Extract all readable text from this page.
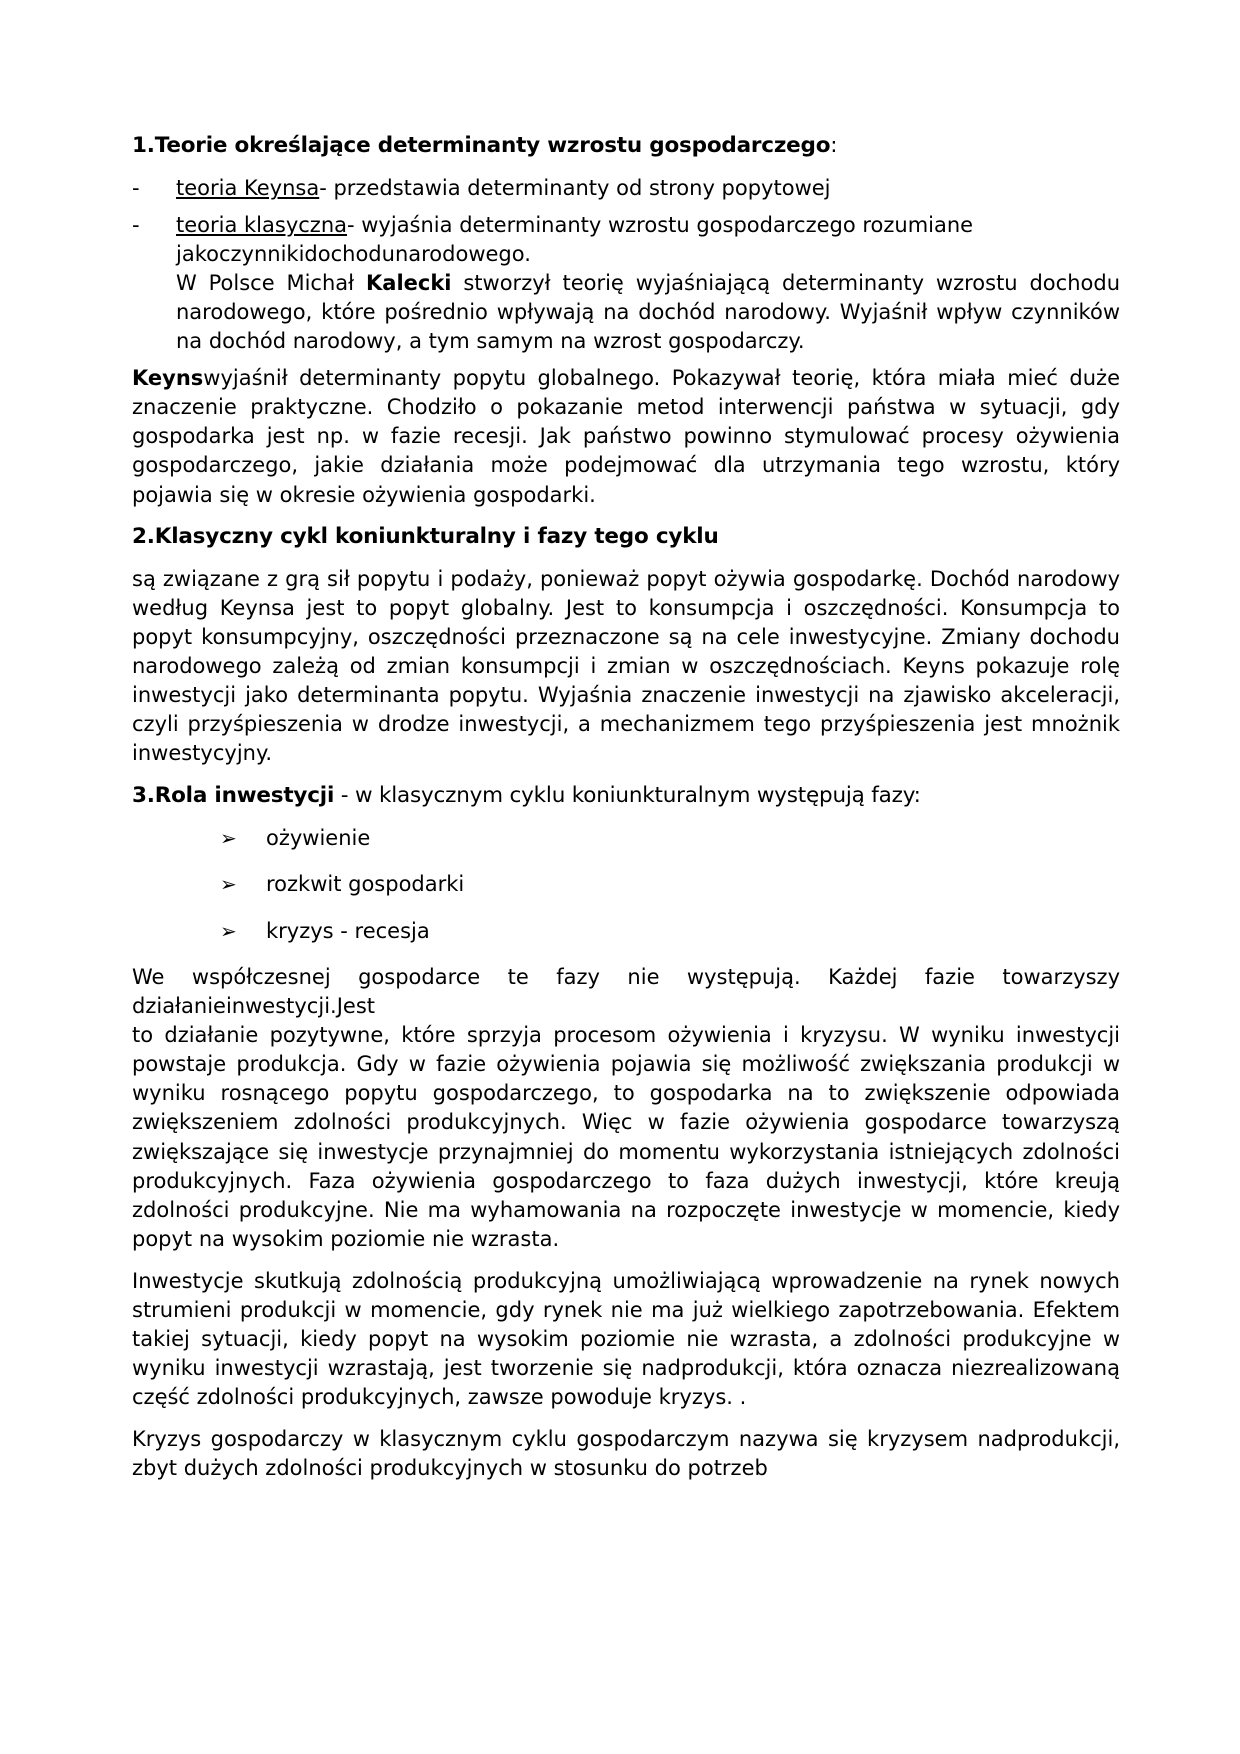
1.Teorie określające determinanty wzrostu gospodarczego:
-	teoria Keynsa- przedstawia determinanty od strony popytowej
-	teoria klasyczna- wyjaśnia determinanty wzrostu gospodarczego rozumiane
jakoczynnikidochodunarodowego.
W Polsce Michał Kalecki stworzył teorię wyjaśniającą determinanty wzrostu dochodu narodowego, które pośrednio wpływają na dochód narodowy. Wyjaśnił wpływ czynników na dochód narodowy, a tym samym na wzrost gospodarczy.

Keynswyjaśnił determinanty popytu globalnego. Pokazywał teorię, która miała mieć duże znaczenie praktyczne. Chodziło o pokazanie metod interwencji państwa w sytuacji, gdy gospodarka jest np. w fazie recesji. Jak państwo powinno stymulować procesy ożywienia gospodarczego, jakie działania może podejmować dla utrzymania tego wzrostu, który pojawia się w okresie ożywienia gospodarki.

2.Klasyczny cykl koniunkturalny i fazy tego cyklu

są związane z grą sił popytu i podaży, ponieważ popyt ożywia gospodarkę. Dochód narodowy według Keynsa jest to popyt globalny. Jest to konsumpcja i oszczędności. Konsumpcja to popyt konsumpcyjny, oszczędności przeznaczone są na cele inwestycyjne. Zmiany dochodu narodowego zależą od zmian konsumpcji i zmian w oszczędnościach. Keyns pokazuje rolę inwestycji jako determinanta popytu. Wyjaśnia znaczenie inwestycji na zjawisko akceleracji, czyli przyśpieszenia w drodze inwestycji, a mechanizmem tego przyśpieszenia jest mnożnik inwestycyjny.

3.Rola inwestycji - w klasycznym cyklu koniunkturalnym występują fazy:
➢	ożywienie
➢	rozkwit gospodarki
➢	kryzys - recesja

We współczesnej gospodarce te fazy nie występują. Każdej fazie towarzyszy
działanieinwestycji.Jest
to działanie pozytywne, które sprzyja procesom ożywienia i kryzysu. W wyniku inwestycji powstaje produkcja. Gdy w fazie ożywienia pojawia się możliwość zwiększania produkcji w wyniku rosnącego popytu gospodarczego, to gospodarka na to zwiększenie odpowiada zwiększeniem zdolności produkcyjnych. Więc w fazie ożywienia gospodarce towarzyszą zwiększające się inwestycje przynajmniej do momentu wykorzystania istniejących zdolności produkcyjnych. Faza ożywienia gospodarczego to faza dużych inwestycji, które kreują zdolności produkcyjne. Nie ma wyhamowania na rozpoczęte inwestycje w momencie, kiedy popyt na wysokim poziomie nie wzrasta.

Inwestycje skutkują zdolnością produkcyjną umożliwiającą wprowadzenie na rynek nowych strumieni produkcji w momencie, gdy rynek nie ma już wielkiego zapotrzebowania. Efektem takiej sytuacji, kiedy popyt na wysokim poziomie nie wzrasta, a zdolności produkcyjne w wyniku inwestycji wzrastają, jest tworzenie się nadprodukcji, która oznacza niezrealizowaną część zdolności produkcyjnych, zawsze powoduje kryzys. .

Kryzys gospodarczy w klasycznym cyklu gospodarczym nazywa się kryzysem nadprodukcji, zbyt dużych zdolności produkcyjnych w stosunku do potrzeb
